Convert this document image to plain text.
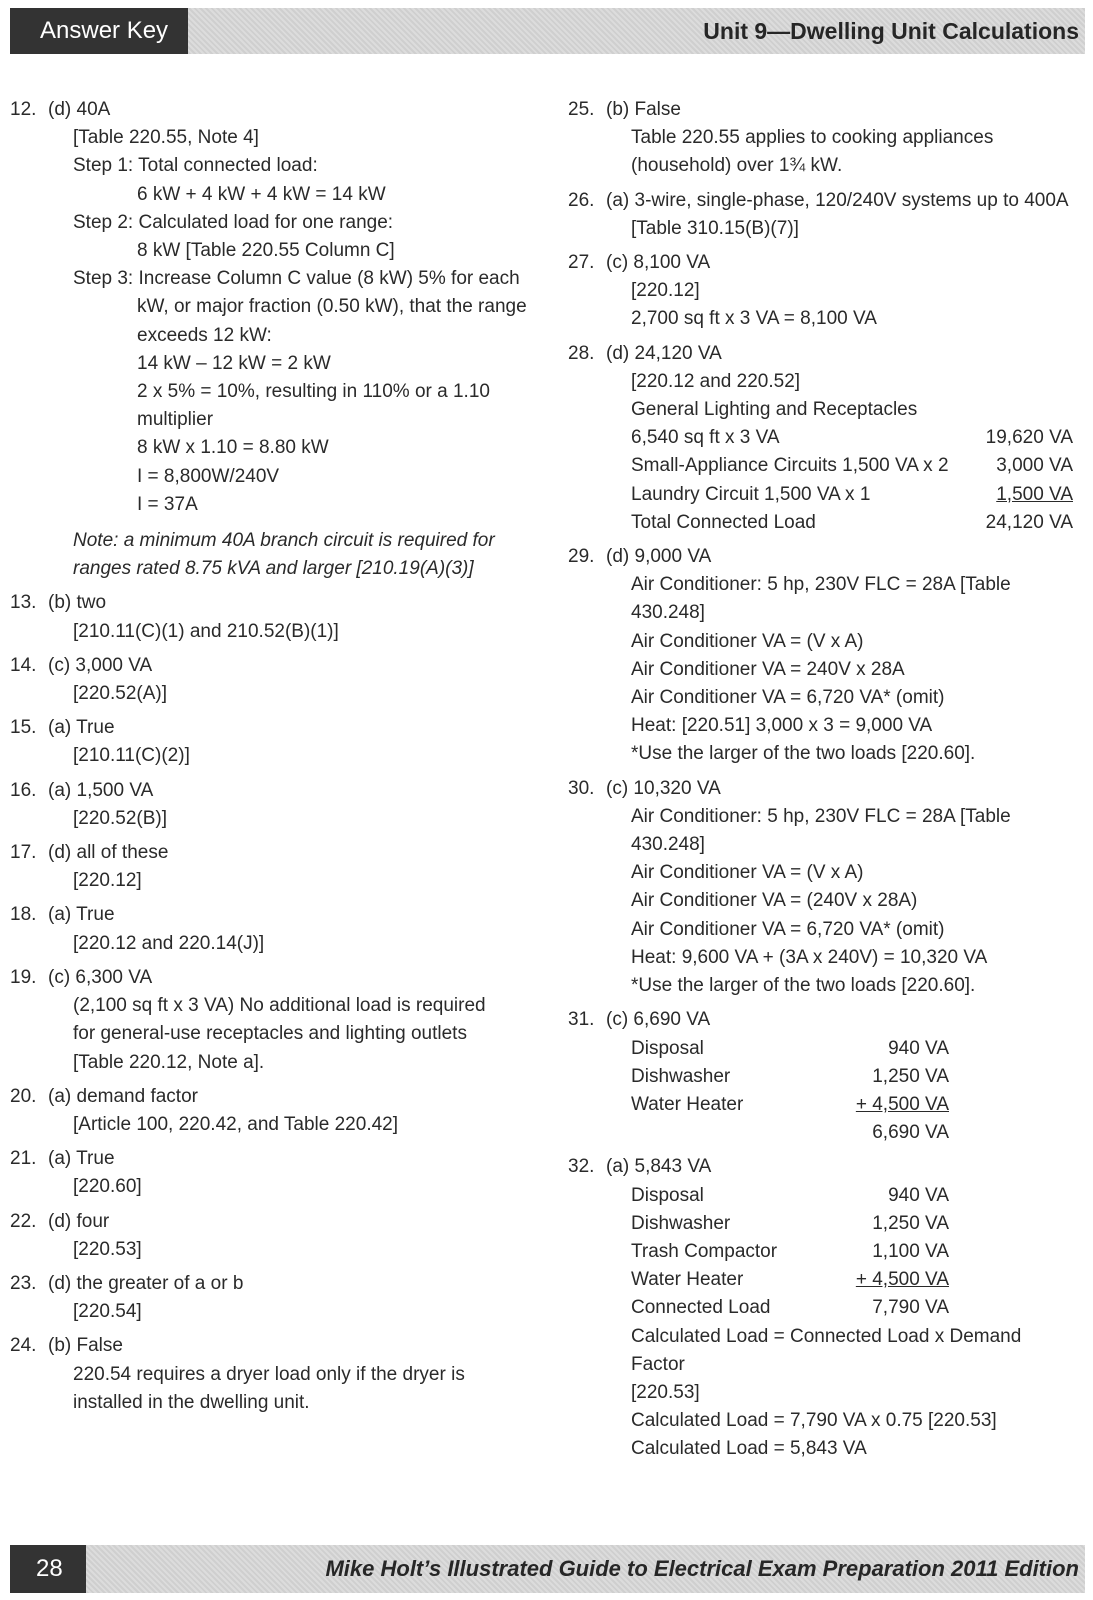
Answer Key	Unit 9—Dwelling Unit Calculations
12. (d) 40A
[Table 220.55, Note 4]
Step 1: Total connected load:
6 kW + 4 kW + 4 kW = 14 kW
Step 2: Calculated load for one range:
8 kW [Table 220.55 Column C]
Step 3: Increase Column C value (8 kW) 5% for each kW, or major fraction (0.50 kW), that the range exceeds 12 kW:
14 kW – 12 kW = 2 kW
2 x 5% = 10%, resulting in 110% or a 1.10 multiplier
8 kW x 1.10 = 8.80 kW
I = 8,800W/240V
I = 37A
Note: a minimum 40A branch circuit is required for ranges rated 8.75 kVA and larger [210.19(A)(3)]
13. (b) two
[210.11(C)(1) and 210.52(B)(1)]
14. (c) 3,000 VA
[220.52(A)]
15. (a) True
[210.11(C)(2)]
16. (a) 1,500 VA
[220.52(B)]
17. (d) all of these
[220.12]
18. (a) True
[220.12 and 220.14(J)]
19. (c) 6,300 VA
(2,100 sq ft x 3 VA) No additional load is required for general-use receptacles and lighting outlets [Table 220.12, Note a].
20. (a) demand factor
[Article 100, 220.42, and Table 220.42]
21. (a) True
[220.60]
22. (d) four
[220.53]
23. (d) the greater of a or b
[220.54]
24. (b) False
220.54 requires a dryer load only if the dryer is installed in the dwelling unit.
25. (b) False
Table 220.55 applies to cooking appliances (household) over 1¾ kW.
26. (a) 3-wire, single-phase, 120/240V systems up to 400A
[Table 310.15(B)(7)]
27. (c) 8,100 VA
[220.12]
2,700 sq ft x 3 VA = 8,100 VA
28. (d) 24,120 VA
[220.12 and 220.52]
General Lighting and Receptacles
6,540 sq ft x 3 VA	19,620 VA
Small-Appliance Circuits 1,500 VA x 2	3,000 VA
Laundry Circuit 1,500 VA x 1	1,500 VA
Total Connected Load	24,120 VA
29. (d) 9,000 VA
Air Conditioner: 5 hp, 230V FLC = 28A [Table 430.248]
Air Conditioner VA = (V x A)
Air Conditioner VA = 240V x 28A
Air Conditioner VA = 6,720 VA* (omit)
Heat: [220.51] 3,000 x 3 = 9,000 VA
*Use the larger of the two loads [220.60].
30. (c) 10,320 VA
Air Conditioner: 5 hp, 230V FLC = 28A [Table 430.248]
Air Conditioner VA = (V x A)
Air Conditioner VA = (240V x 28A)
Air Conditioner VA = 6,720 VA* (omit)
Heat: 9,600 VA + (3A x 240V) = 10,320 VA
*Use the larger of the two loads [220.60].
31. (c) 6,690 VA
Disposal	940 VA
Dishwasher	1,250 VA
Water Heater	+ 4,500 VA
6,690 VA
32. (a) 5,843 VA
Disposal	940 VA
Dishwasher	1,250 VA
Trash Compactor	1,100 VA
Water Heater	+ 4,500 VA
Connected Load	7,790 VA
Calculated Load = Connected Load x Demand Factor
[220.53]
Calculated Load = 7,790 VA x 0.75 [220.53]
Calculated Load = 5,843 VA
28	Mike Holt’s Illustrated Guide to Electrical Exam Preparation 2011 Edition
